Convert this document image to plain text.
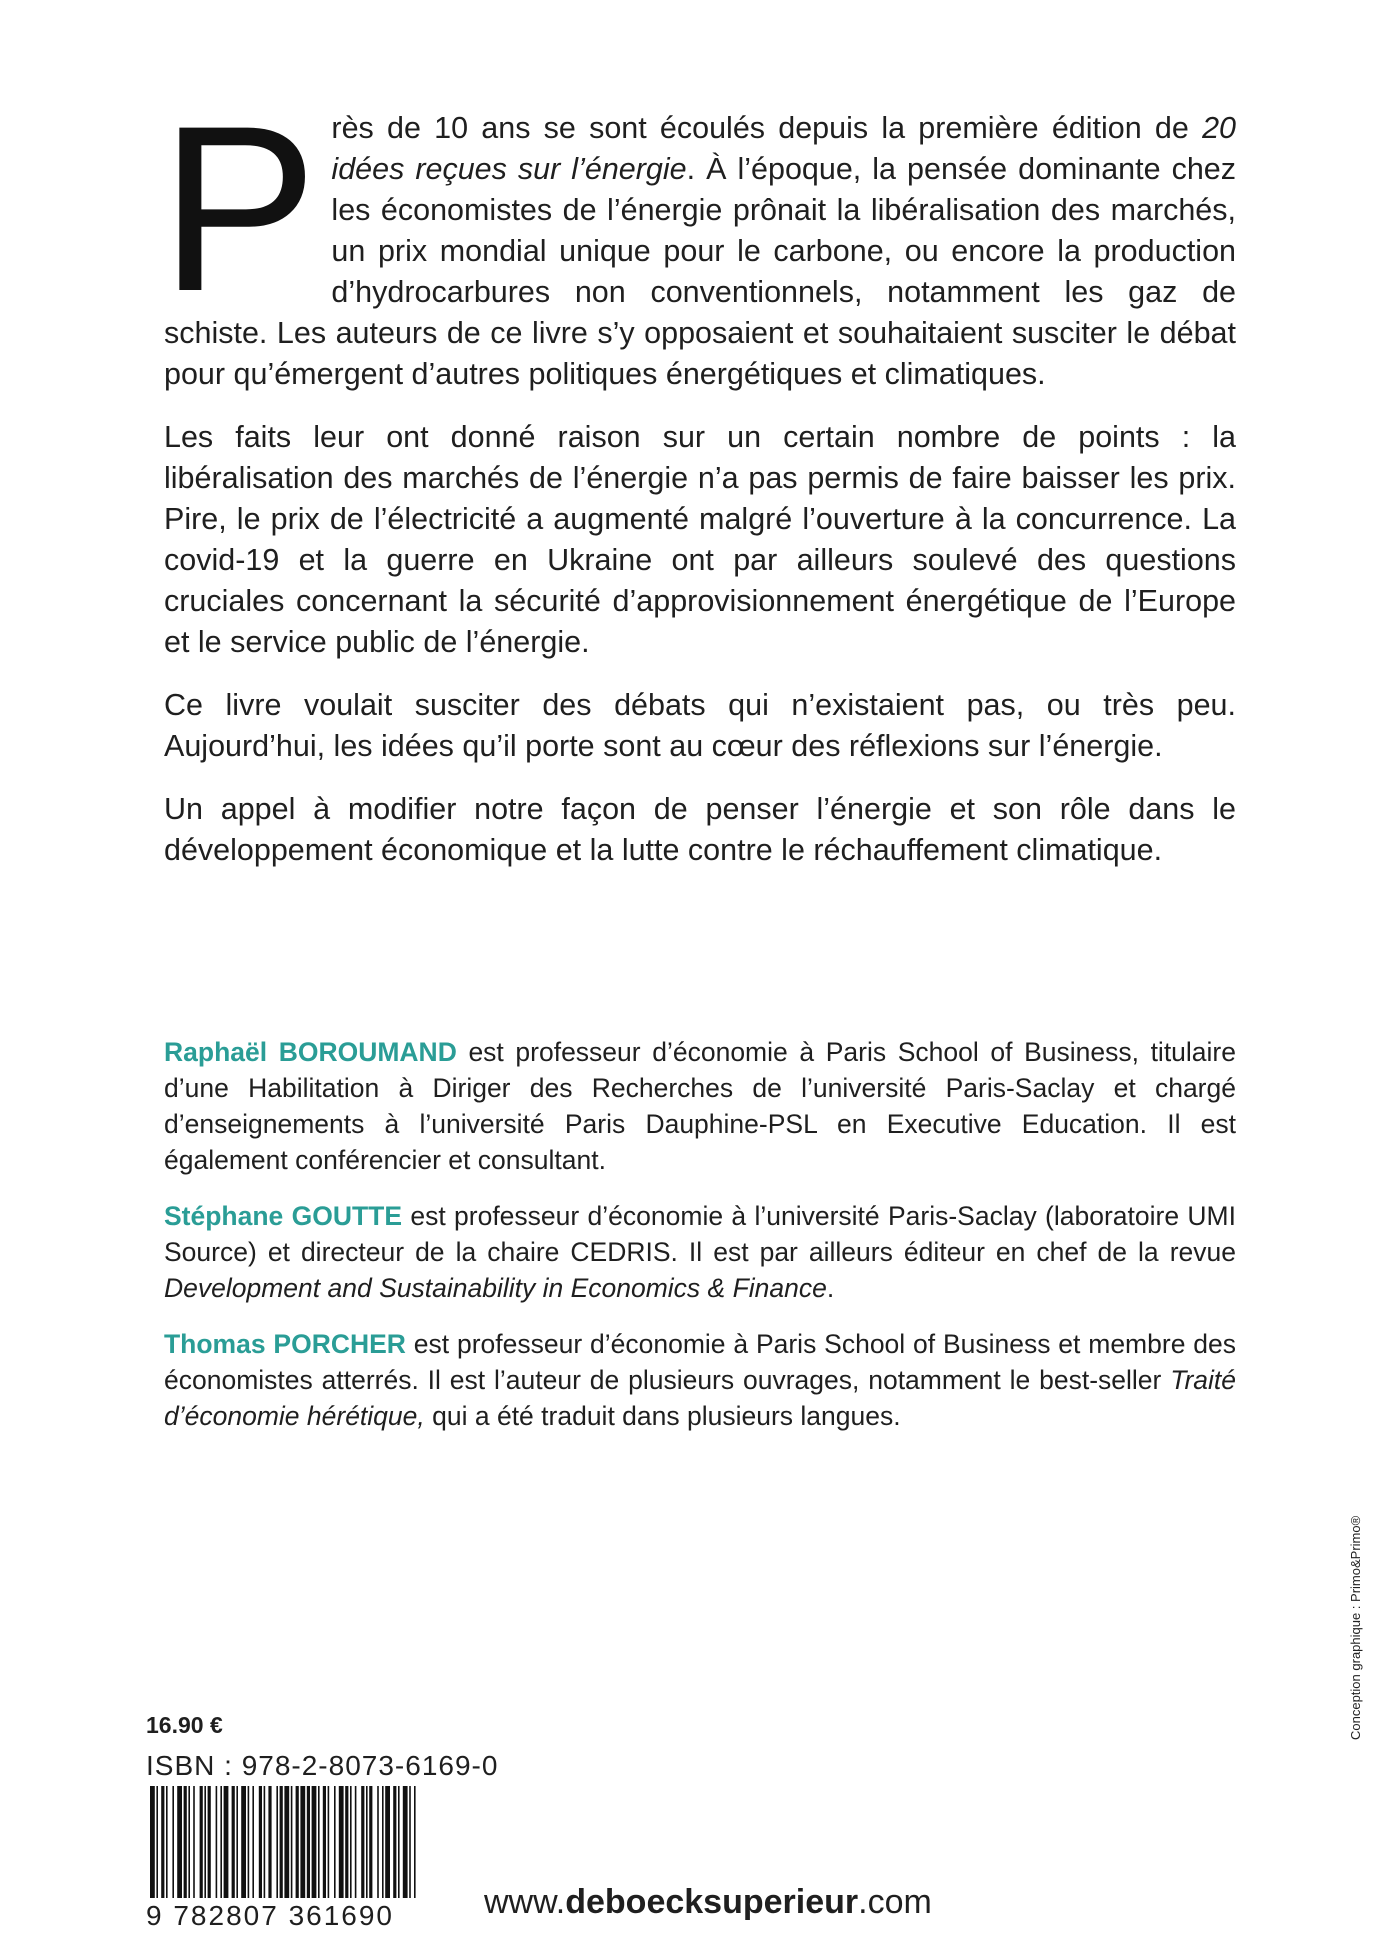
Près de 10 ans se sont écoulés depuis la première édition de 20 idées reçues sur l’énergie. À l’époque, la pensée dominante chez les économistes de l’énergie prônait la libéralisation des marchés, un prix mondial unique pour le carbone, ou encore la production d’hydrocarbures non conventionnels, notamment les gaz de schiste. Les auteurs de ce livre s’y opposaient et souhaitaient susciter le débat pour qu’émergent d’autres politiques énergétiques et climatiques.

Les faits leur ont donné raison sur un certain nombre de points : la libéralisation des marchés de l’énergie n’a pas permis de faire baisser les prix. Pire, le prix de l’électricité a augmenté malgré l’ouverture à la concurrence. La covid-19 et la guerre en Ukraine ont par ailleurs soulevé des questions cruciales concernant la sécurité d’approvisionnement énergétique de l’Europe et le service public de l’énergie.

Ce livre voulait susciter des débats qui n’existaient pas, ou très peu. Aujourd’hui, les idées qu’il porte sont au cœur des réflexions sur l’énergie.

Un appel à modifier notre façon de penser l’énergie et son rôle dans le développement économique et la lutte contre le réchauffement climatique.

Raphaël BOROUMAND est professeur d’économie à Paris School of Business, titulaire d’une Habilitation à Diriger des Recherches de l’université Paris-Saclay et chargé d’enseignements à l’université Paris Dauphine-PSL en Executive Education. Il est également conférencier et consultant.

Stéphane GOUTTE est professeur d’économie à l’université Paris-Saclay (laboratoire UMI Source) et directeur de la chaire CEDRIS. Il est par ailleurs éditeur en chef de la revue Development and Sustainability in Economics & Finance.

Thomas PORCHER est professeur d’économie à Paris School of Business et membre des économistes atterrés. Il est l’auteur de plusieurs ouvrages, notamment le best-seller Traité d’économie hérétique, qui a été traduit dans plusieurs langues.

16.90 €
ISBN : 978-2-8073-6169-0
9 782807 361690	www.deboecksuperieur.com
Conception graphique : Primo&Primo®
